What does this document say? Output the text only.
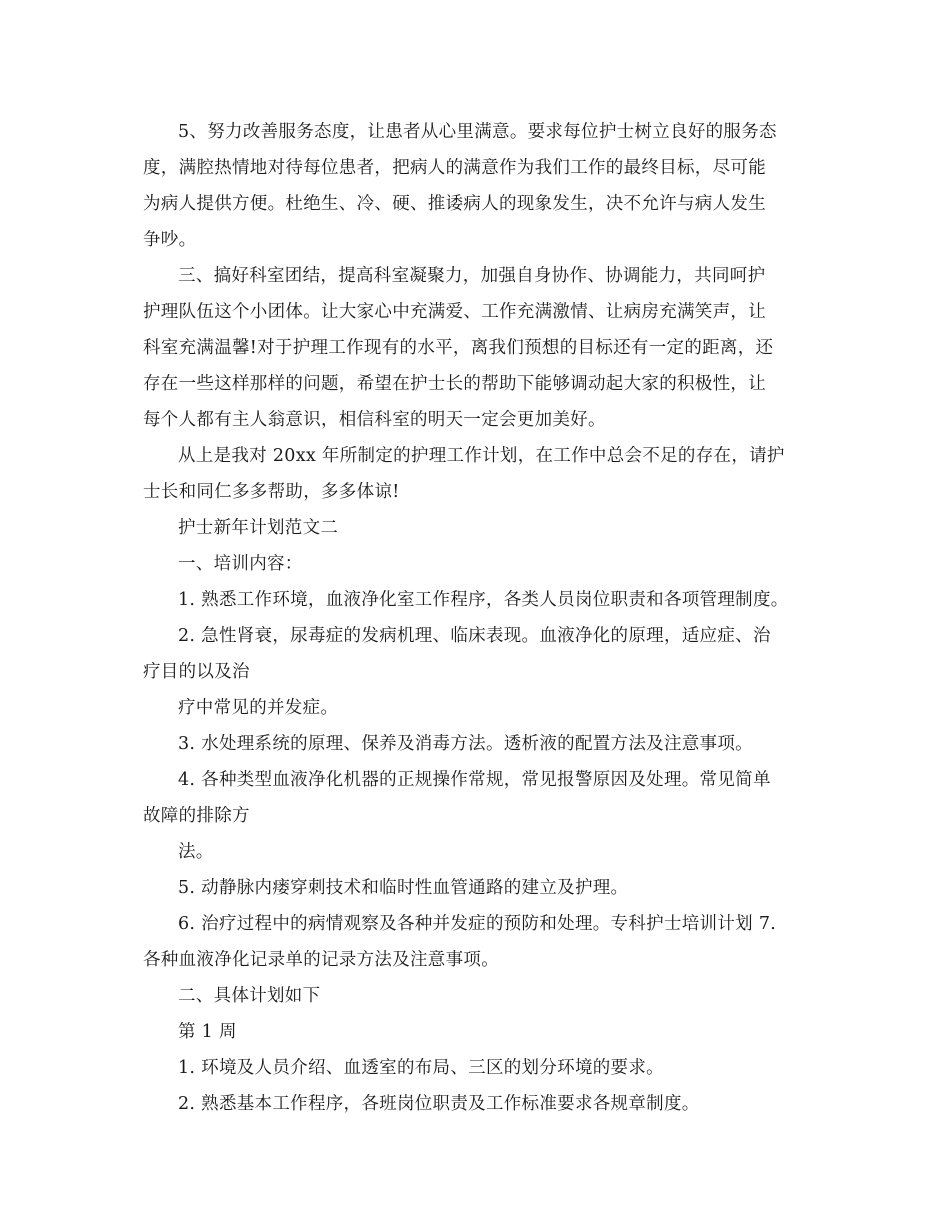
5、努力改善服务态度，让患者从心里满意。要求每位护士树立良好的服务态

度，满腔热情地对待每位患者，把病人的满意作为我们工作的最终目标，尽可能

为病人提供方便。杜绝生、冷、硬、推诿病人的现象发生，决不允许与病人发生

争吵。

三、搞好科室团结，提高科室凝聚力，加强自身协作、协调能力，共同呵护

护理队伍这个小团体。让大家心中充满爱、工作充满激情、让病房充满笑声，让

科室充满温馨!对于护理工作现有的水平，离我们预想的目标还有一定的距离，还

存在一些这样那样的问题，希望在护士长的帮助下能够调动起大家的积极性，让

每个人都有主人翁意识，相信科室的明天一定会更加美好。

从上是我对 20xx 年所制定的护理工作计划，在工作中总会不足的存在，请护

士长和同仁多多帮助，多多体谅!

护士新年计划范文二

一、培训内容：

1. 熟悉工作环境，血液净化室工作程序，各类人员岗位职责和各项管理制度。

2. 急性肾衰，尿毒症的发病机理、临床表现。血液净化的原理，适应症、治

疗目的以及治

疗中常见的并发症。

3. 水处理系统的原理、保养及消毒方法。透析液的配置方法及注意事项。

4. 各种类型血液净化机器的正规操作常规，常见报警原因及处理。常见简单

故障的排除方

法。

5. 动静脉内瘘穿刺技术和临时性血管通路的建立及护理。

6. 治疗过程中的病情观察及各种并发症的预防和处理。专科护士培训计划 7.

各种血液净化记录单的记录方法及注意事项。

二、具体计划如下

第 1 周

1. 环境及人员介绍、血透室的布局、三区的划分环境的要求。

2. 熟悉基本工作程序，各班岗位职责及工作标准要求各规章制度。
